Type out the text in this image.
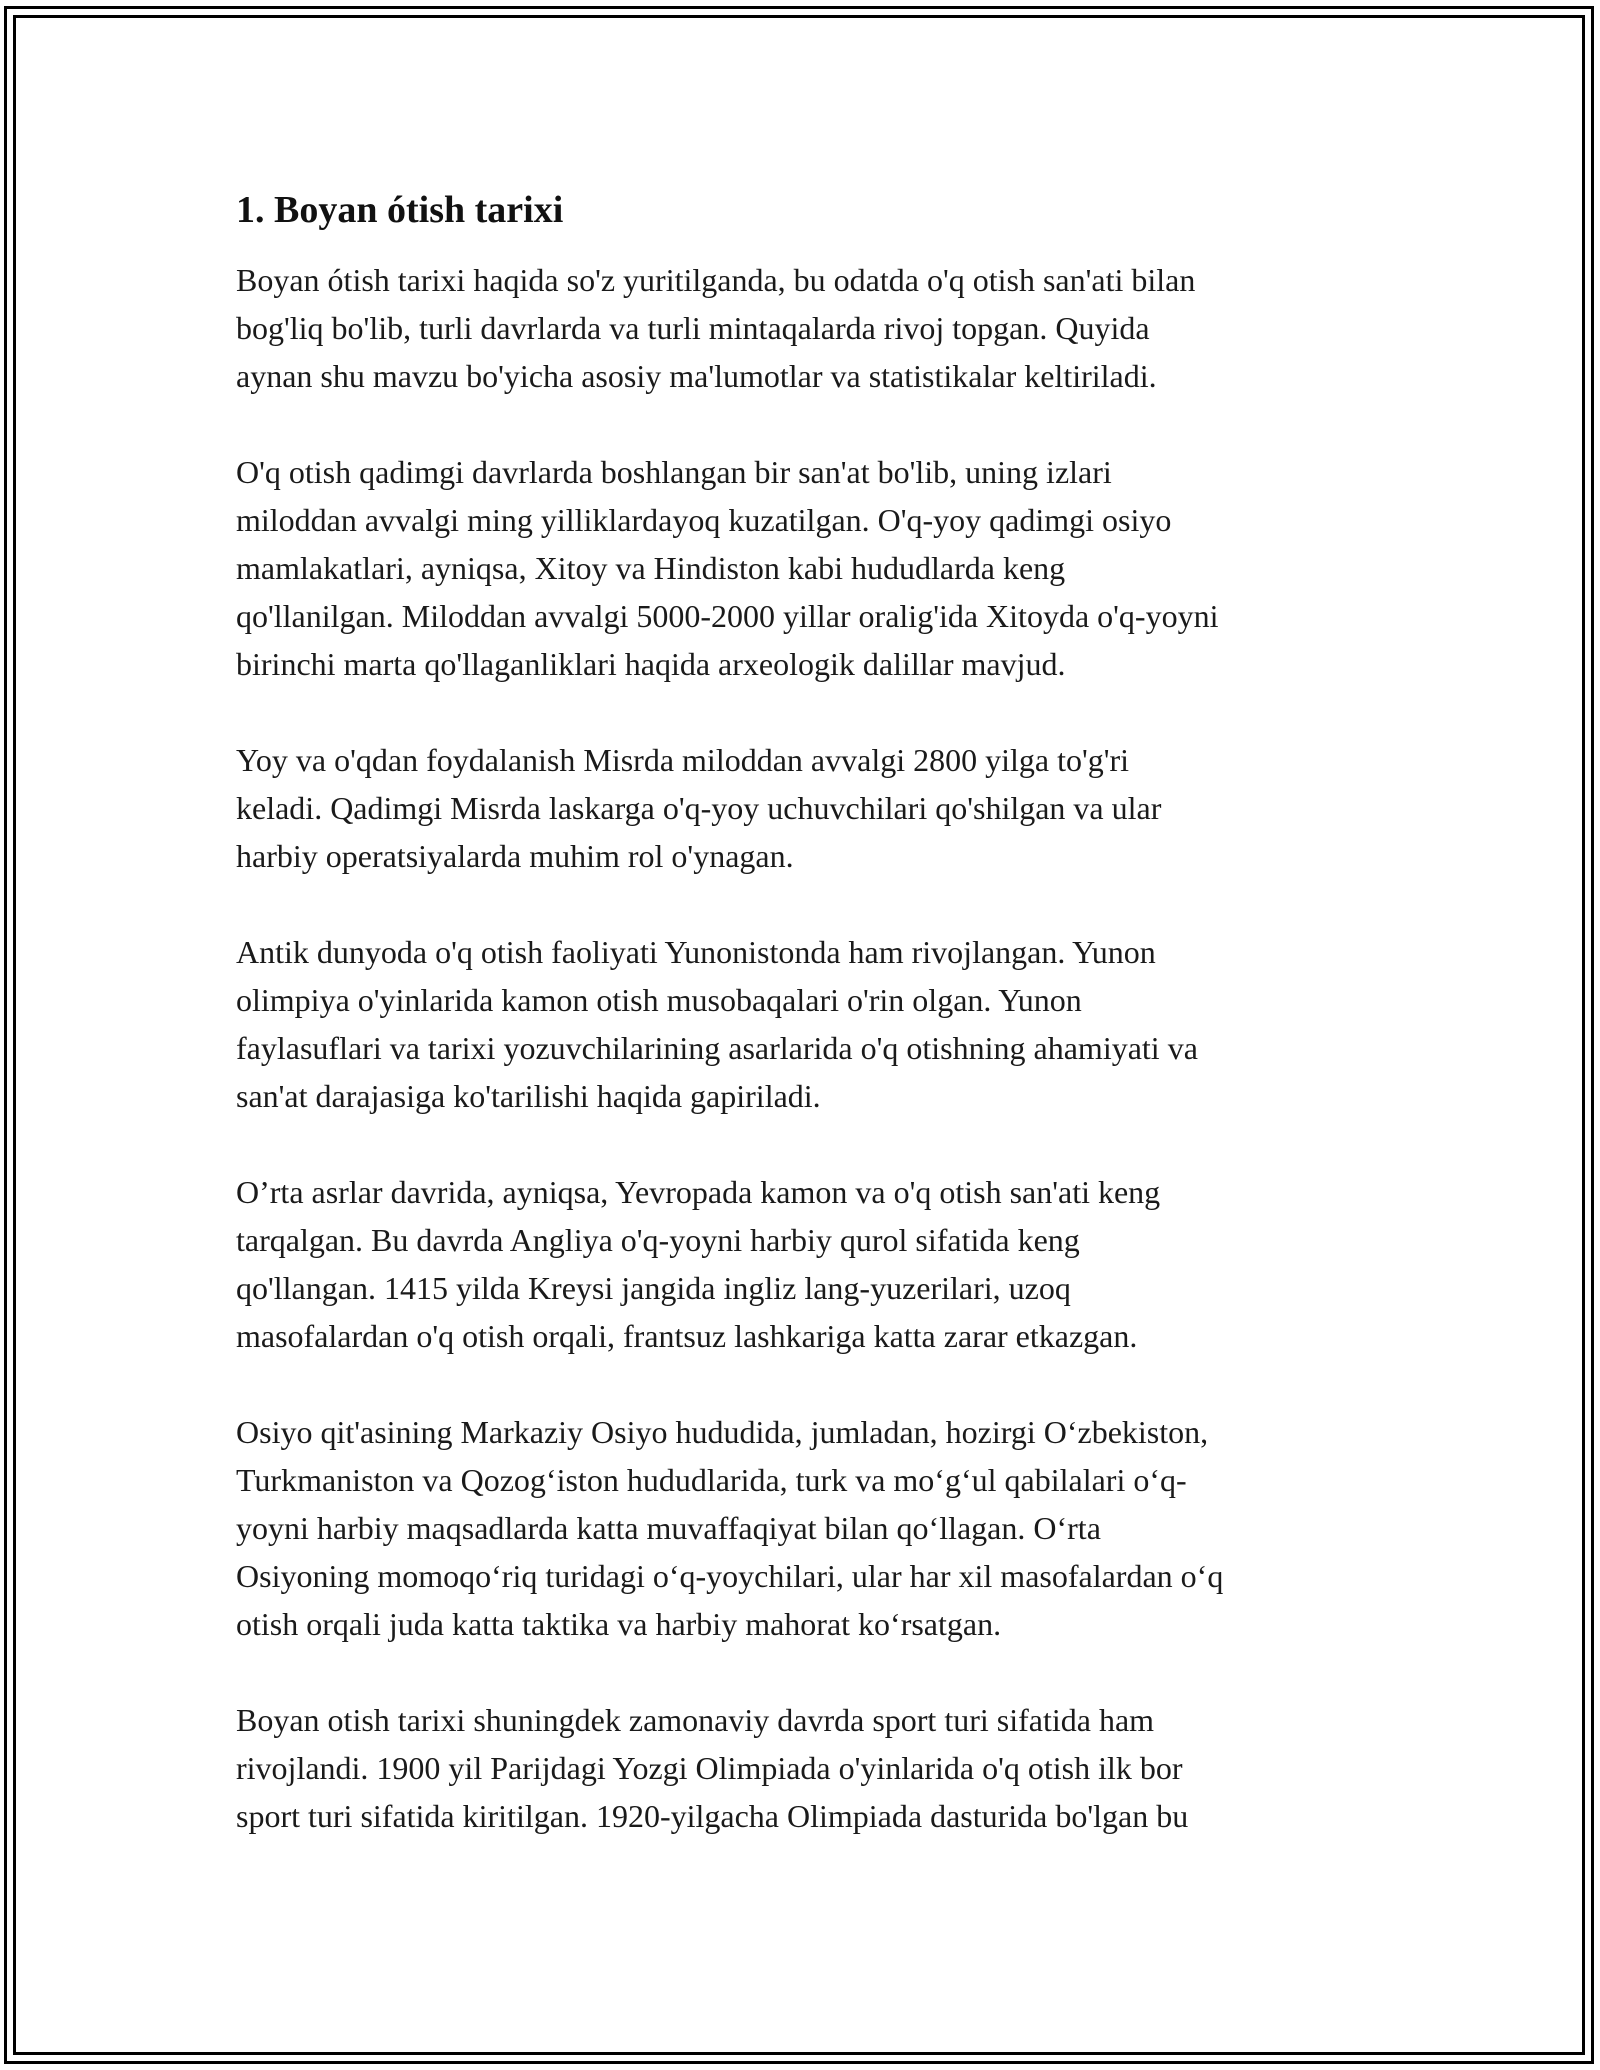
1. Boyan ótish tarixi

Boyan ótish tarixi haqida so'z yuritilganda, bu odatda o'q otish san'ati bilan
bog'liq bo'lib, turli davrlarda va turli mintaqalarda rivoj topgan. Quyida
aynan shu mavzu bo'yicha asosiy ma'lumotlar va statistikalar keltiriladi.

O'q otish qadimgi davrlarda boshlangan bir san'at bo'lib, uning izlari
miloddan avvalgi ming yilliklardayoq kuzatilgan. O'q-yoy qadimgi osiyo
mamlakatlari, ayniqsa, Xitoy va Hindiston kabi hududlarda keng
qo'llanilgan. Miloddan avvalgi 5000-2000 yillar oralig'ida Xitoyda o'q-yoyni
birinchi marta qo'llaganliklari haqida arxeologik dalillar mavjud.

Yoy va o'qdan foydalanish Misrda miloddan avvalgi 2800 yilga to'g'ri
keladi. Qadimgi Misrda laskarga o'q-yoy uchuvchilari qo'shilgan va ular
harbiy operatsiyalarda muhim rol o'ynagan.

Antik dunyoda o'q otish faoliyati Yunonistonda ham rivojlangan. Yunon
olimpiya o'yinlarida kamon otish musobaqalari o'rin olgan. Yunon
faylasuflari va tarixi yozuvchilarining asarlarida o'q otishning ahamiyati va
san'at darajasiga ko'tarilishi haqida gapiriladi.

O’rta asrlar davrida, ayniqsa, Yevropada kamon va o'q otish san'ati keng
tarqalgan. Bu davrda Angliya o'q-yoyni harbiy qurol sifatida keng
qo'llangan. 1415 yilda Kreysi jangida ingliz lang-yuzerilari, uzoq
masofalardan o'q otish orqali, frantsuz lashkariga katta zarar etkazgan.

Osiyo qit'asining Markaziy Osiyo hududida, jumladan, hozirgi O‘zbekiston,
Turkmaniston va Qozog‘iston hududlarida, turk va mo‘g‘ul qabilalari o‘q-
yoyni harbiy maqsadlarda katta muvaffaqiyat bilan qo‘llagan. O‘rta
Osiyoning momoqo‘riq turidagi o‘q-yoychilari, ular har xil masofalardan o‘q
otish orqali juda katta taktika va harbiy mahorat ko‘rsatgan.

Boyan otish tarixi shuningdek zamonaviy davrda sport turi sifatida ham
rivojlandi. 1900 yil Parijdagi Yozgi Olimpiada o'yinlarida o'q otish ilk bor
sport turi sifatida kiritilgan. 1920-yilgacha Olimpiada dasturida bo'lgan bu
